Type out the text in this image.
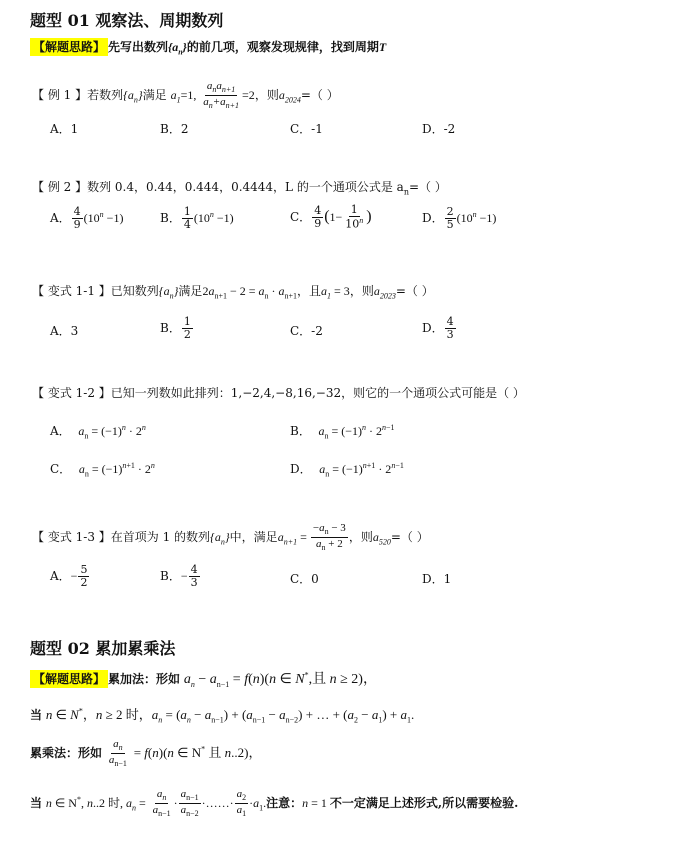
题型 01 观察法、周期数列
【解题思路】 先写出数列$\{a_n\}$的前几项，观察发现规律，找到周期T
【 例 1 】若数列$\{a_n\}$满足 $a_1=1$, $\frac{a_na_{n+1}}{a_n+a_{n+1}} =2$，则$a_{2024}=$（ ）
A．1	B．2	C．-1	D．-2
【 例 2 】数列 0.4，0.44，0.444，0.4444，L 的一个通项公式是 $a_n=$（ ）
A． $\frac{4}{9} (10^n -1)$	B． $\frac{1}{4} (10^n -1)$	C． $\frac{4}{9} (1- \frac{1}{10^n}$ )	D． $\frac{2}{5} (10^n -1)$
【 变式 1-1 】已知数列$\{a_n\}$满足$2a_{n+1} - 2 = a_n \cdot a_{n+1}$，且$a_1 = 3$，则$a_{2023}=$（ ）
A．3	B． $\frac{1}{2}$	C．-2	D． $\frac{4}{3}$
【 变式 1-2 】已知一列数如此排列：1,−2,4,−8,16,−32，则它的一个通项公式可能是（ ）
A． $a_n = (-1)^n \cdot 2^n$	B． $a_n = (-1)^n \cdot 2^{n-1}$
C． $a_n = (-1)^{n+1} \cdot 2^n$	D． $a_n = (-1)^{n+1} \cdot 2^{n-1}$
【 变式 1-3 】在首项为 1 的数列$\{a_n\}$中，满足$a_{n+1} = \frac{-a_n - 3}{a_n + 2}$ ，则$a_{520}=$（ ）
A．− $\frac{5}{2}$	B．− $\frac{4}{3}$	C．0	D．1
题型 02 累加累乘法
【解题思路】 累加法：形如 $a_n - a_{n-1} = f(n)(n$ ∈ N*,且 n ≥ 2)，
当 n ∈ N*，n ≥ 2 时，$a_n = (a_n - a_{n-1}) + (a_{n-1} - a_{n-2})$ + … + $(a_2 - a_1) + a_1$.
累乘法：形如 $\frac{a_n}{a_{n-1}} = f(n)(n$ ∈ N* 且 n..2)，
当 n ∈ N*, n..2 时, $a_n = \frac{a_n}{a_{n-1}} \cdot \frac{a_{n-1}}{a_{n-2}}$ ·……· $\frac{a_2}{a_1} \cdot a_1$.注意：n = 1 不一定满足上述形式,所以需要检验.
